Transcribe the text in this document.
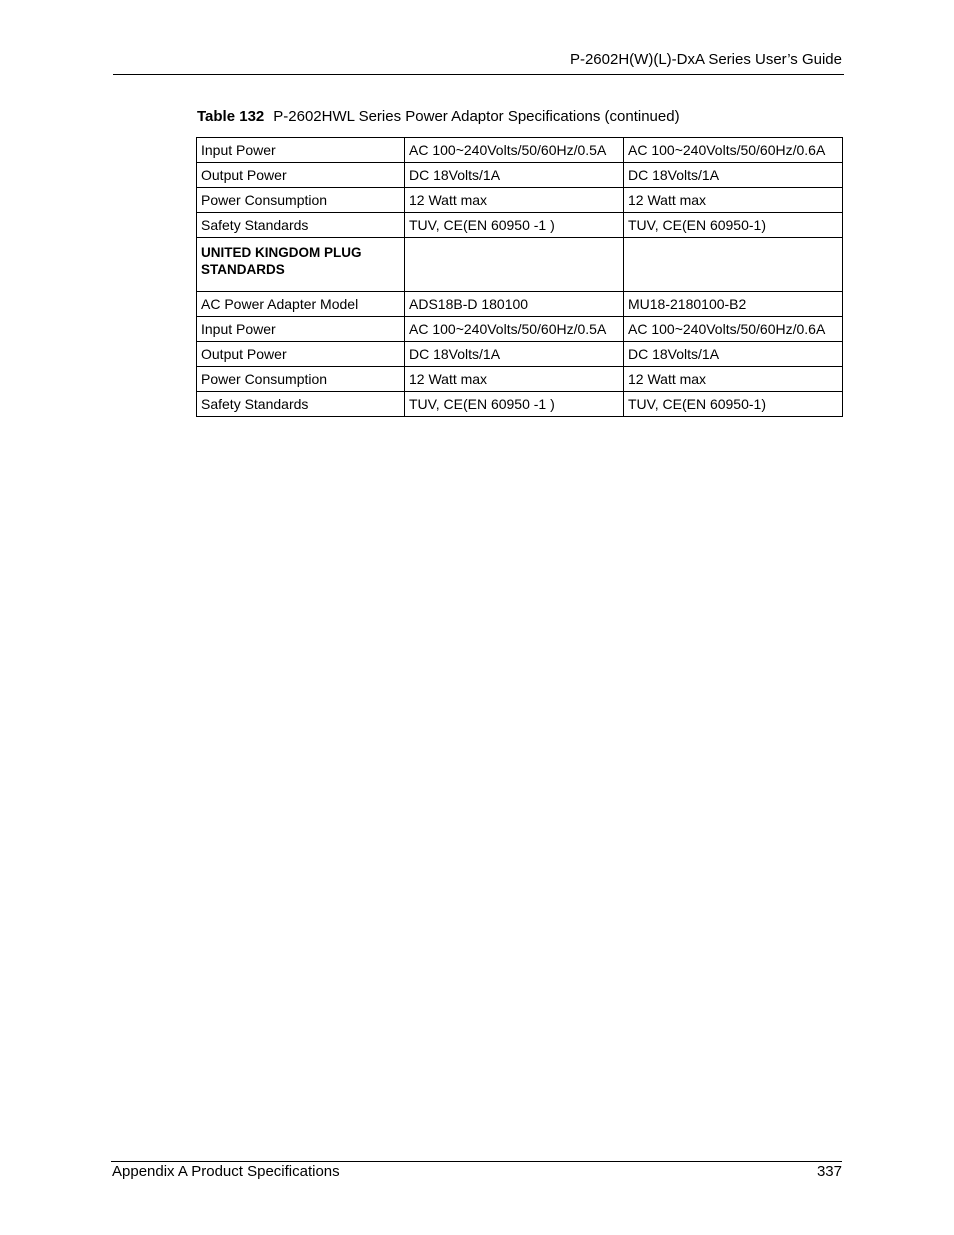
P-2602H(W)(L)-DxA Series User’s Guide
Table 132 P-2602HWL Series Power Adaptor Specifications (continued)
Input Power	AC 100~240Volts/50/60Hz/0.5A	AC 100~240Volts/50/60Hz/0.6A
Output Power	DC 18Volts/1A	DC 18Volts/1A
Power Consumption	12 Watt max	12 Watt max
Safety Standards	TUV, CE(EN 60950 -1 )	TUV, CE(EN 60950-1)
UNITED KINGDOM PLUG STANDARDS		
AC Power Adapter Model	ADS18B-D 180100	MU18-2180100-B2
Input Power	AC 100~240Volts/50/60Hz/0.5A	AC 100~240Volts/50/60Hz/0.6A
Output Power	DC 18Volts/1A	DC 18Volts/1A
Power Consumption	12 Watt max	12 Watt max
Safety Standards	TUV, CE(EN 60950 -1 )	TUV, CE(EN 60950-1)
Appendix A Product Specifications	337
